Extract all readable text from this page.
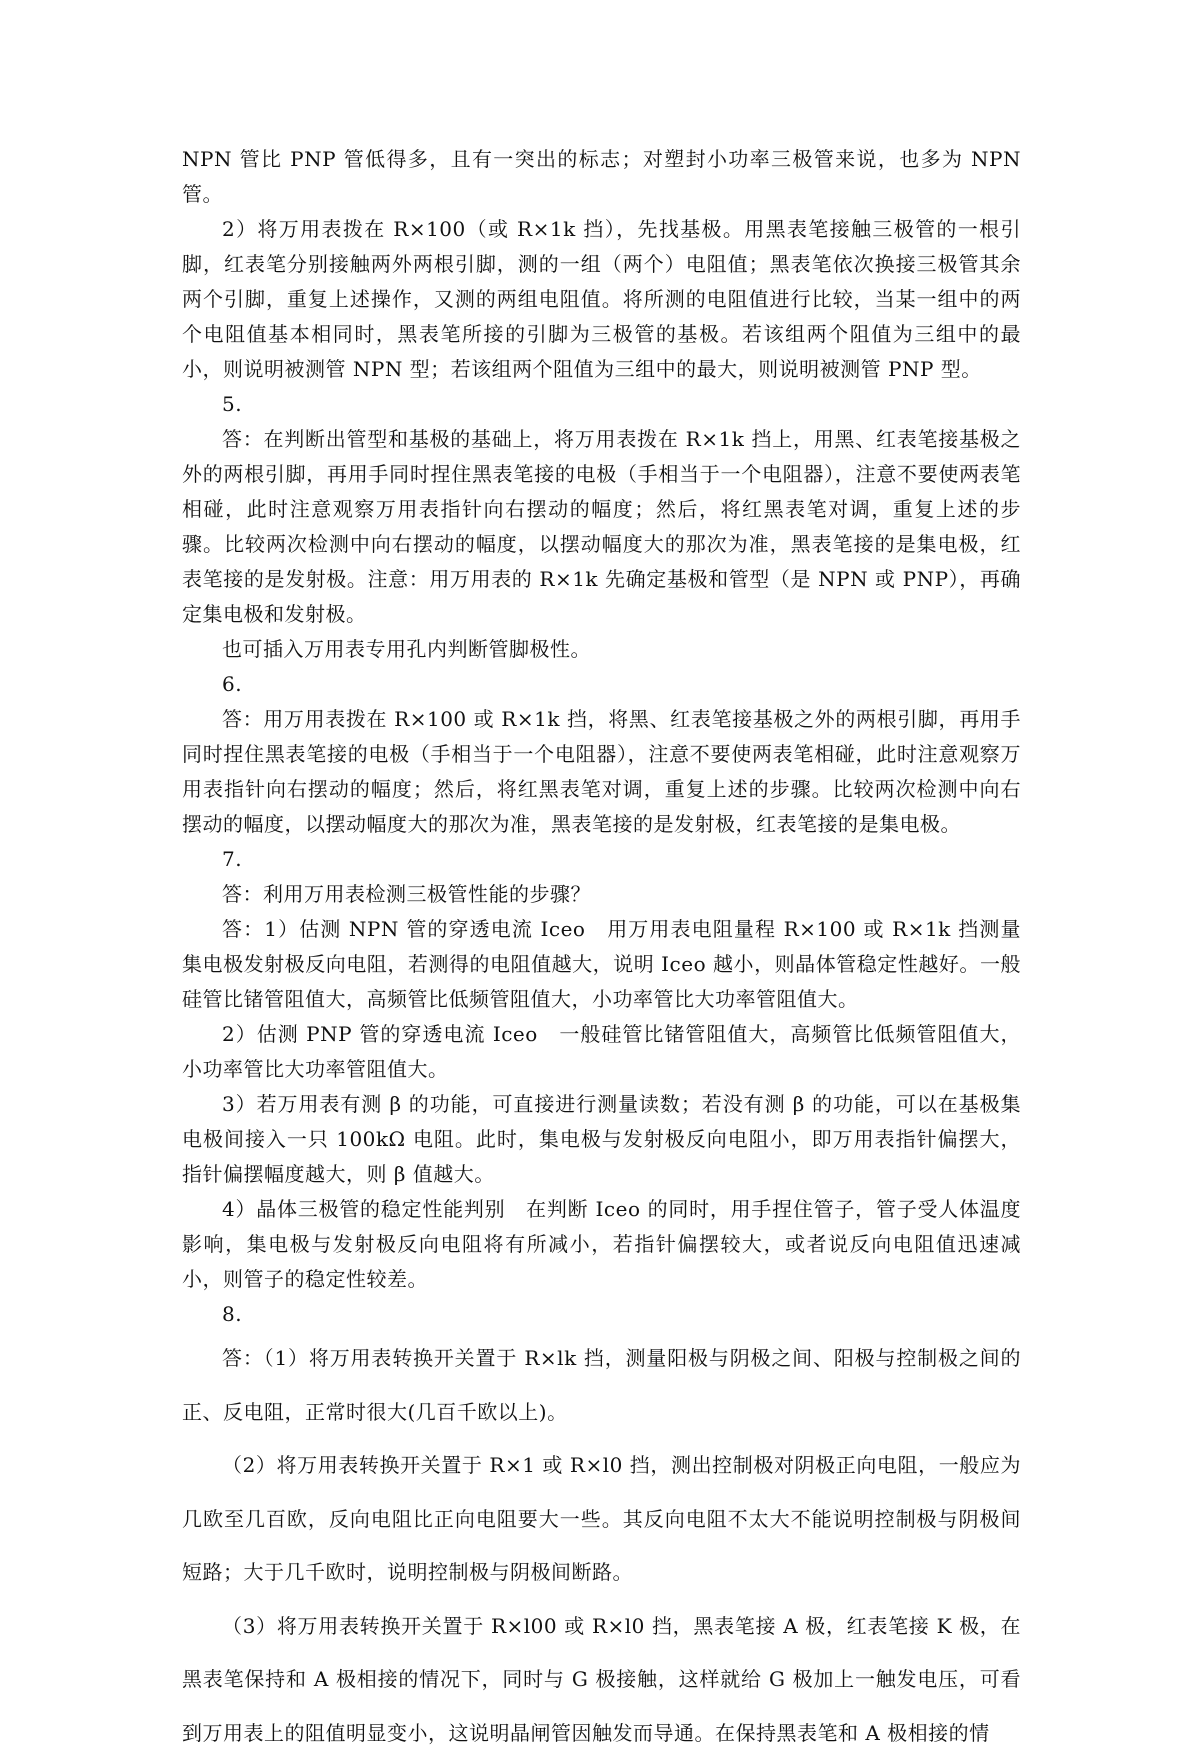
NPN 管比 PNP 管低得多，且有一突出的标志；对塑封小功率三极管来说，也多为 NPN 管。

2）将万用表拨在 R×100（或 R×1k 挡），先找基极。用黑表笔接触三极管的一根引脚，红表笔分别接触两外两根引脚，测的一组（两个）电阻值；黑表笔依次换接三极管其余两个引脚，重复上述操作，又测的两组电阻值。将所测的电阻值进行比较，当某一组中的两个电阻值基本相同时，黑表笔所接的引脚为三极管的基极。若该组两个阻值为三组中的最小，则说明被测管 NPN 型；若该组两个阻值为三组中的最大，则说明被测管 PNP 型。

5.

答：在判断出管型和基极的基础上，将万用表拨在 R×1k 挡上，用黑、红表笔接基极之外的两根引脚，再用手同时捏住黑表笔接的电极（手相当于一个电阻器），注意不要使两表笔相碰，此时注意观察万用表指针向右摆动的幅度；然后，将红黑表笔对调，重复上述的步骤。比较两次检测中向右摆动的幅度，以摆动幅度大的那次为准，黑表笔接的是集电极，红表笔接的是发射极。注意：用万用表的 R×1k 先确定基极和管型（是 NPN 或 PNP），再确定集电极和发射极。

也可插入万用表专用孔内判断管脚极性。

6.

答：用万用表拨在 R×100 或 R×1k 挡，将黑、红表笔接基极之外的两根引脚，再用手同时捏住黑表笔接的电极（手相当于一个电阻器），注意不要使两表笔相碰，此时注意观察万用表指针向右摆动的幅度；然后，将红黑表笔对调，重复上述的步骤。比较两次检测中向右摆动的幅度，以摆动幅度大的那次为准，黑表笔接的是发射极，红表笔接的是集电极。

7.

答：利用万用表检测三极管性能的步骤？

答：1）估测 NPN 管的穿透电流 Iceo　用万用表电阻量程 R×100 或 R×1k 挡测量集电极发射极反向电阻，若测得的电阻值越大，说明 Iceo 越小，则晶体管稳定性越好。一般硅管比锗管阻值大，高频管比低频管阻值大，小功率管比大功率管阻值大。

2）估测 PNP 管的穿透电流 Iceo　一般硅管比锗管阻值大，高频管比低频管阻值大，小功率管比大功率管阻值大。

3）若万用表有测 β 的功能，可直接进行测量读数；若没有测 β 的功能，可以在基极集电极间接入一只 100kΩ 电阻。此时，集电极与发射极反向电阻小，即万用表指针偏摆大，指针偏摆幅度越大，则 β 值越大。

4）晶体三极管的稳定性能判别　在判断 Iceo 的同时，用手捏住管子，管子受人体温度影响，集电极与发射极反向电阻将有所减小，若指针偏摆较大，或者说反向电阻值迅速减小，则管子的稳定性较差。

8.

答：（1）将万用表转换开关置于 R×lk 挡，测量阳极与阴极之间、阳极与控制极之间的正、反电阻，正常时很大(几百千欧以上)。

（2）将万用表转换开关置于 R×1 或 R×l0 挡，测出控制极对阴极正向电阻，一般应为几欧至几百欧，反向电阻比正向电阻要大一些。其反向电阻不太大不能说明控制极与阴极间短路；大于几千欧时，说明控制极与阴极间断路。

（3）将万用表转换开关置于 R×l00 或 R×l0 挡，黑表笔接 A 极，红表笔接 K 极，在黑表笔保持和 A 极相接的情况下，同时与 G 极接触，这样就给 G 极加上一触发电压，可看到万用表上的阻值明显变小，这说明晶闸管因触发而导通。在保持黑表笔和 A 极相接的情
